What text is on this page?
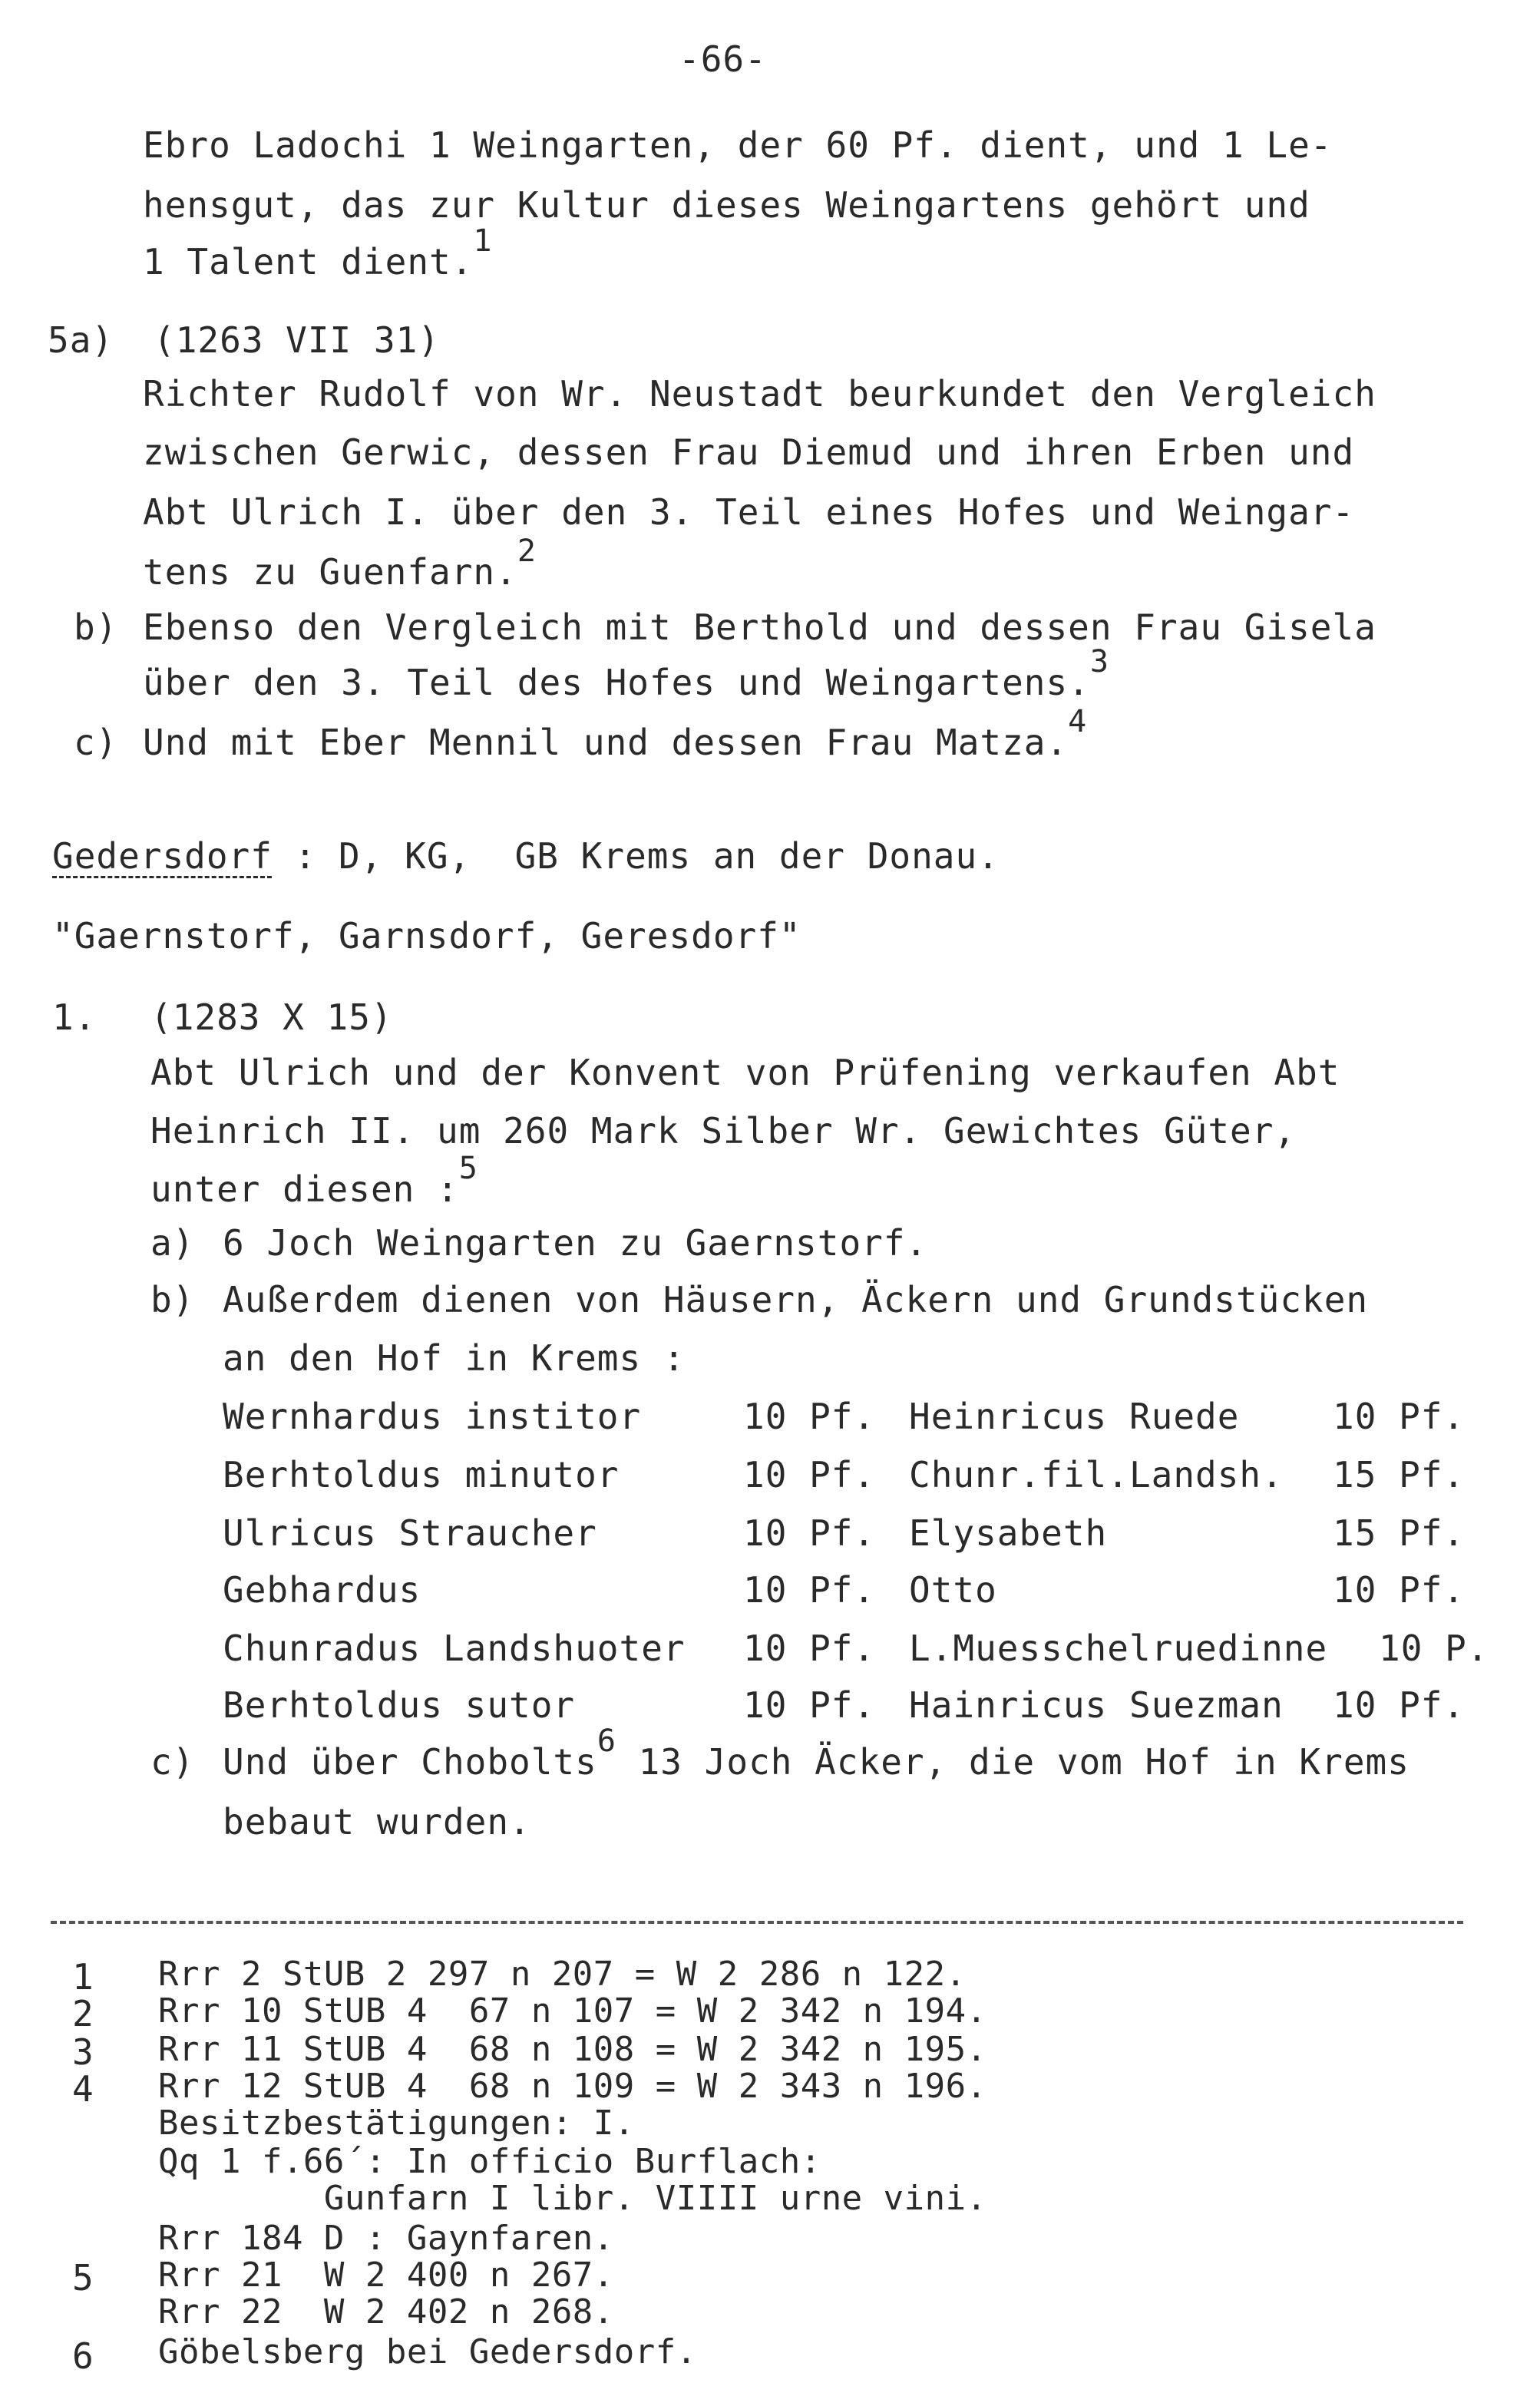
-66-
Ebro Ladochi 1 Weingarten, der 60 Pf. dient, und 1 Le-
hensgut, das zur Kultur dieses Weingartens gehört und
1 Talent dient.1
5a) (1263 VII 31)
Richter Rudolf von Wr. Neustadt beurkundet den Vergleich
zwischen Gerwic, dessen Frau Diemud und ihren Erben und
Abt Ulrich I. über den 3. Teil eines Hofes und Weingar-
tens zu Guenfarn.2
b) Ebenso den Vergleich mit Berthold und dessen Frau Gisela
über den 3. Teil des Hofes und Weingartens.3
c) Und mit Eber Mennil und dessen Frau Matza.4
Gedersdorf : D, KG,  GB Krems an der Donau.
"Gaernstorf, Garnsdorf, Geresdorf"
1. (1283 X 15)
Abt Ulrich und der Konvent von Prüfening verkaufen Abt
Heinrich II. um 260 Mark Silber Wr. Gewichtes Güter,
unter diesen :5
a) 6 Joch Weingarten zu Gaernstorf.
b) Außerdem dienen von Häusern, Äckern und Grundstücken
an den Hof in Krems :
Wernhardus institor	10 Pf. Heinricus Ruede	10 Pf.
Berhtoldus minutor	10 Pf. Chunr.fil.Landsh. 15 Pf.
Ulricus Straucher	10 Pf. Elysabeth	15 Pf.
Gebhardus	10 Pf. Otto	10 Pf.
Chunradus Landshuoter 10 Pf. L.Muesschelruedinne 10 P.
Berhtoldus sutor	10 Pf. Hainricus Suezman 10 Pf.
c) Und über Chobolts6 13 Joch Äcker, die vom Hof in Krems
bebaut wurden.
1 Rrr 2 StUB 2 297 n 207 = W 2 286 n 122.
2 Rrr 10 StUB 4  67 n 107 = W 2 342 n 194.
3 Rrr 11 StUB 4  68 n 108 = W 2 342 n 195.
4 Rrr 12 StUB 4  68 n 109 = W 2 343 n 196.
Besitzbestätigungen: I.
Qq 1 f.66´: In officio Burflach:
Gunfarn I libr. VIIII urne vini.
Rrr 184 D : Gaynfaren.
5 Rrr 21  W 2 400 n 267.
Rrr 22  W 2 402 n 268.
6 Göbelsberg bei Gedersdorf.
